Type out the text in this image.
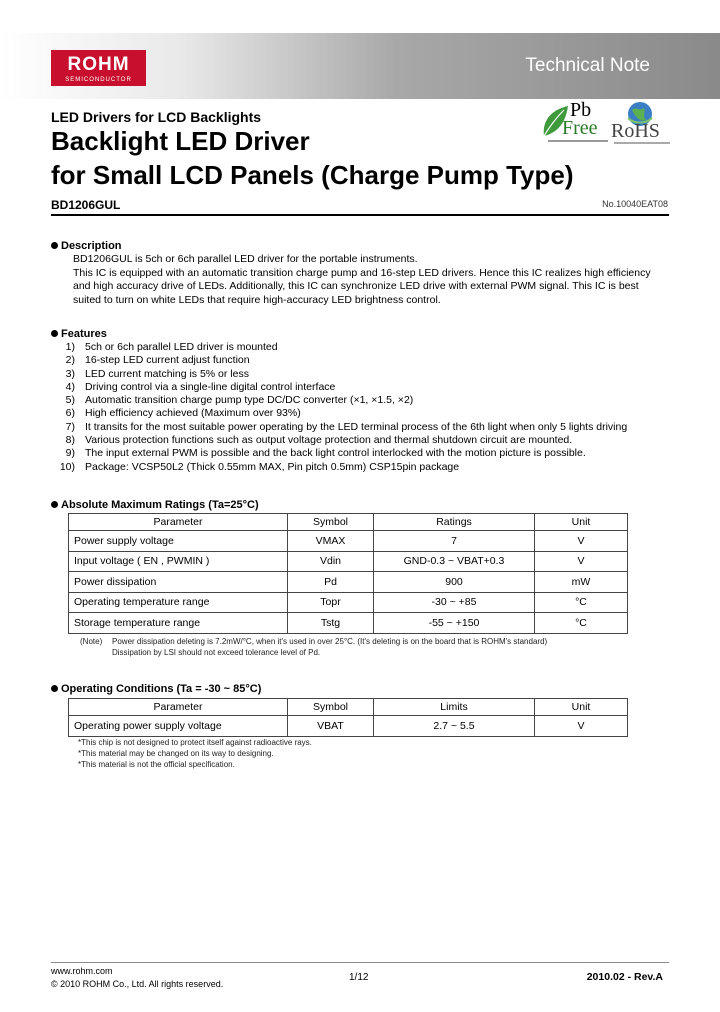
ROHM
SEMICONDUCTOR
Technical Note
LED Drivers for LCD Backlights
Backlight LED Driver
for Small LCD Panels (Charge Pump Type)
Pb
Free RoHS
BD1206GUL	No.10040EAT08
Description
BD1206GUL is 5ch or 6ch parallel LED driver for the portable instruments.
This IC is equipped with an automatic transition charge pump and 16-step LED drivers. Hence this IC realizes high efficiency
and high accuracy drive of LEDs. Additionally, this IC can synchronize LED drive with external PWM signal. This IC is best
suited to turn on white LEDs that require high-accuracy LED brightness control.
Features
1) 5ch or 6ch parallel LED driver is mounted
2) 16-step LED current adjust function
3) LED current matching is 5% or less
4) Driving control via a single-line digital control interface
5) Automatic transition charge pump type DC/DC converter (×1, ×1.5, ×2)
6) High efficiency achieved (Maximum over 93%)
7) It transits for the most suitable power operating by the LED terminal process of the 6th light when only 5 lights driving
8) Various protection functions such as output voltage protection and thermal shutdown circuit are mounted.
9) The input external PWM is possible and the back light control interlocked with the motion picture is possible.
10) Package: VCSP50L2 (Thick 0.55mm MAX, Pin pitch 0.5mm) CSP15pin package
Absolute Maximum Ratings (Ta=25°C)
Parameter	Symbol	Ratings	Unit
Power supply voltage	VMAX	7	V
Input voltage ( EN , PWMIN )	Vdin	GND-0.3 ~ VBAT+0.3	V
Power dissipation	Pd	900	mW
Operating temperature range	Topr	-30 ~ +85	°C
Storage temperature range	Tstg	-55 ~ +150	°C
(Note) Power dissipation deleting is 7.2mW/°C, when it's used in over 25°C. (It's deleting is on the board that is ROHM's standard)
Dissipation by LSI should not exceed tolerance level of Pd.
Operating Conditions (Ta = -30 ~ 85°C)
Parameter	Symbol	Limits	Unit
Operating power supply voltage	VBAT	2.7 ~ 5.5	V
*This chip is not designed to protect itself against radioactive rays.
*This material may be changed on its way to designing.
*This material is not the official specification.
www.rohm.com
© 2010 ROHM Co., Ltd. All rights reserved.
1/12	2010.02 - Rev.A
